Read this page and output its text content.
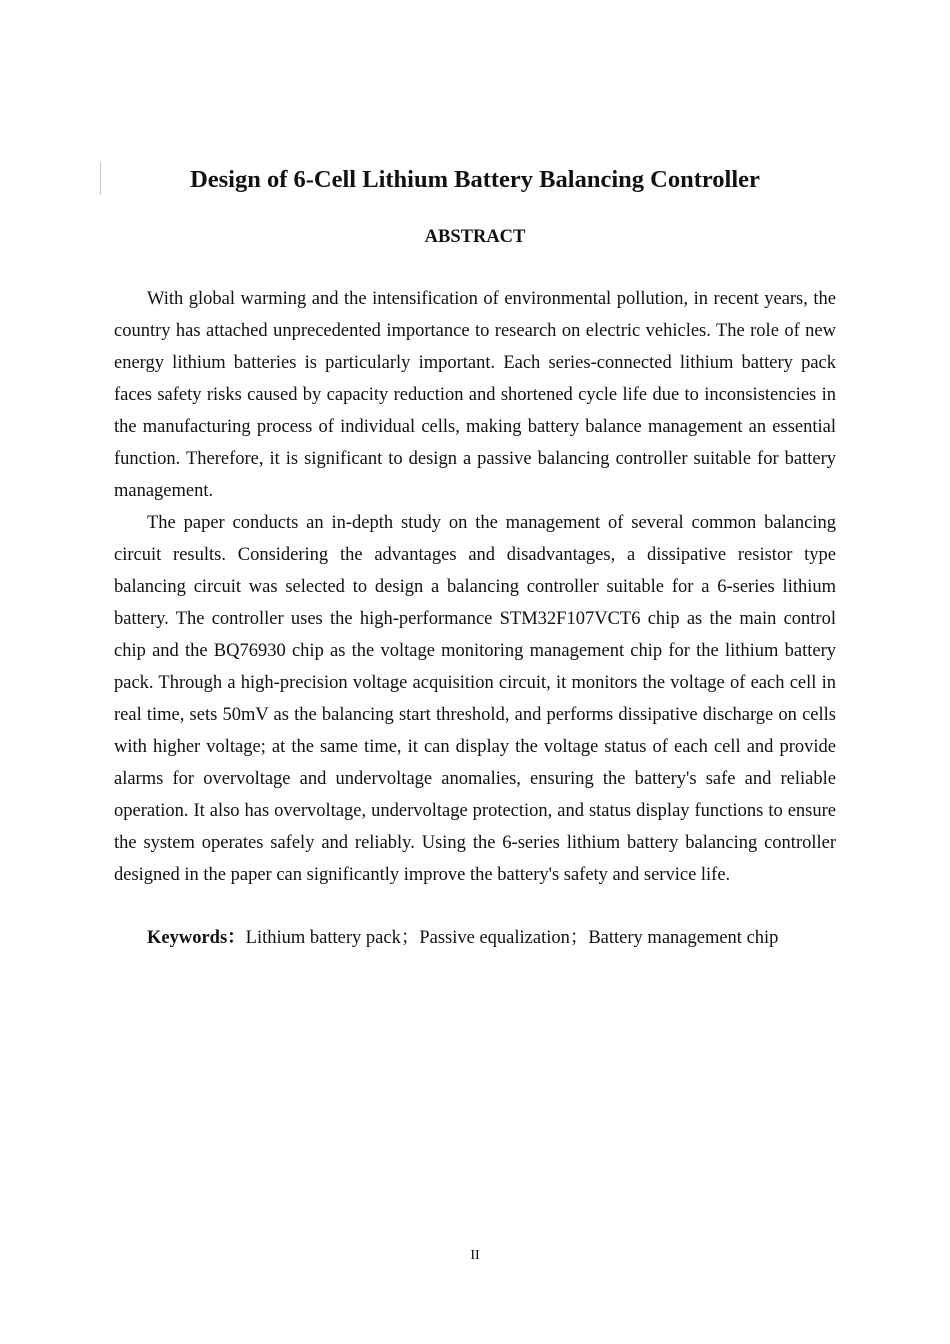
Design of 6-Cell Lithium Battery Balancing Controller
ABSTRACT

With global warming and the intensification of environmental pollution, in recent years, the country has attached unprecedented importance to research on electric vehicles. The role of new energy lithium batteries is particularly important. Each series-connected lithium battery pack faces safety risks caused by capacity reduction and shortened cycle life due to inconsistencies in the manufacturing process of individual cells, making battery balance management an essential function. Therefore, it is significant to design a passive balancing controller suitable for battery management.

The paper conducts an in-depth study on the management of several common balancing circuit results. Considering the advantages and disadvantages, a dissipative resistor type balancing circuit was selected to design a balancing controller suitable for a 6-series lithium battery. The controller uses the high-performance STM32F107VCT6 chip as the main control chip and the BQ76930 chip as the voltage monitoring management chip for the lithium battery pack. Through a high-precision voltage acquisition circuit, it monitors the voltage of each cell in real time, sets 50mV as the balancing start threshold, and performs dissipative discharge on cells with higher voltage; at the same time, it can display the voltage status of each cell and provide alarms for overvoltage and undervoltage anomalies, ensuring the battery's safe and reliable operation. It also has overvoltage, undervoltage protection, and status display functions to ensure the system operates safely and reliably. Using the 6-series lithium battery balancing controller designed in the paper can significantly improve the battery's safety and service life.

Keywords：Lithium battery pack；Passive equalization；Battery management chip
II
